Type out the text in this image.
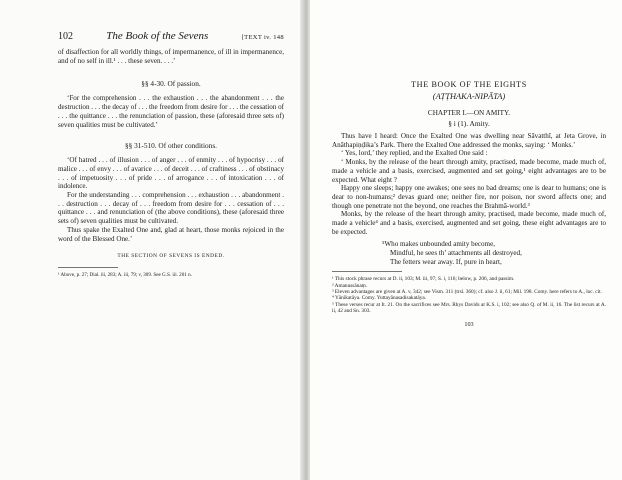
102	The Book of the Sevens	[TEXT iv. 148

of disaffection for all worldly things, of impermanence, of ill in impermanence, and of no self in ill.¹ . . . these seven. . . .’

§§ 4-30. Of passion.

‘For the comprehension . . . the exhaustion . . . the abandonment . . . the destruction . . . the decay of . . . the freedom from desire for . . . the cessation of . . . the quittance . . . the renunciation of passion, these (aforesaid three sets of) seven qualities must be cultivated.’

§§ 31-510. Of other conditions.

‘Of hatred . . . of illusion . . . of anger . . . of enmity . . . of hypocrisy . . . of malice . . . of envy . . . of avarice . . . of deceit . . . of craftiness . . . of obstinacy . . . of impetuosity . . . of pride . . . of arrogance . . . of intoxication . . . of indolence.

For the understanding . . . comprehension . . . exhaustion . . . abandonment . . . destruction . . . decay of . . . freedom from desire for . . . cessation of . . . quittance . . . and renunciation of (the above conditions), these (aforesaid three sets of) seven qualities must be cultivated.

Thus spake the Exalted One and, glad at heart, those monks rejoiced in the word of the Blessed One.’

THE SECTION OF SEVENS IS ENDED.

¹ Above, p. 27; Dial. iii, 283; A. iii, 79; v, 309. See G.S. iii. 201 n.

THE BOOK OF THE EIGHTS
(AṬṬHAKA-NIPĀTA)
CHAPTER I.—ON AMITY.
§ i (1). Amity.

Thus have I heard: Once the Exalted One was dwelling near Sāvatthī, at Jeta Grove, in Anāthapiṇḍika’s Park. There the Exalted One addressed the monks, saying: ‘ Monks.’

‘ Yes, lord,’ they replied, and the Exalted One said :

‘ Monks, by the release of the heart through amity, practised, made become, made much of, made a vehicle and a basis, exercised, augmented and set going,¹ eight advantages are to be expected. What eight ?

Happy one sleeps; happy one awakes; one sees no bad dreams; one is dear to humans; one is dear to non-humans;² devas guard one; neither fire, nor poison, nor sword affects one; and though one penetrate not the beyond, one reaches the Brahmā-world.³

Monks, by the release of the heart through amity, practised, made become, made much of, made a vehicle⁴ and a basis, exercised, augmented and set going, these eight advantages are to be expected.

⁵Who makes unbounded amity become,
Mindful, he sees th’ attachments all destroyed,
The fetters wear away. If, pure in heart,

¹ This stock phrase recurs at D. ii, 103; M. iii, 97; S. i, 116; below, p. 206, and passim.

² Amanussānaṃ.

³ Eleven advantages are given at A. v, 342; see Vism. 311 (trsl. 360); cf. also J. ii, 61; Mil. 198. Comy. here refers to A., loc. cit.

⁴ Yānīkatāya. Comy. Yuttayānasadisakatāya.

⁵ These verses recur at It. 21. On the sacrifices see Mrs. Rhys Davids at K.S. i, 102; see also Q. of M. ii, 16. The list recurs at A. ii, 42 and Sn. 303.

103
